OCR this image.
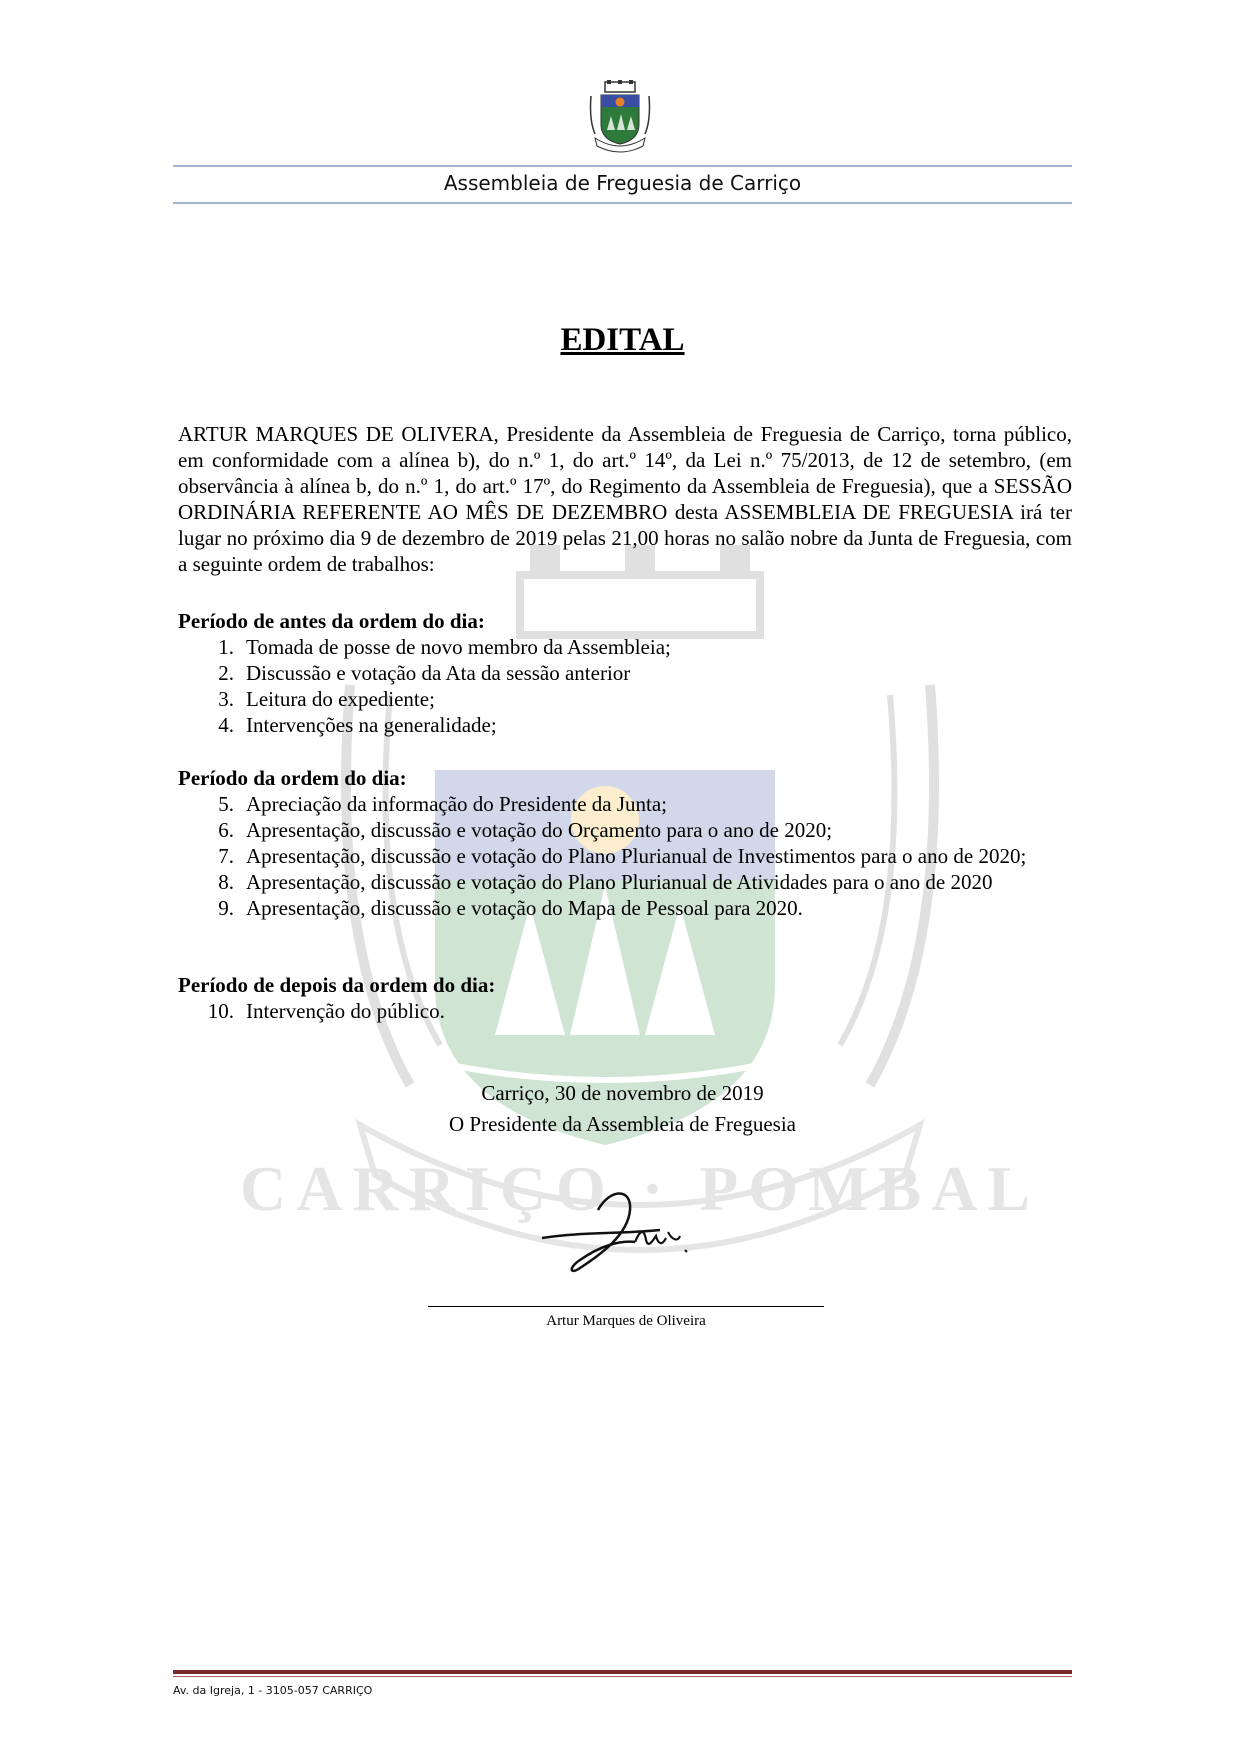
Assembleia de Freguesia de Carriço
CARRIÇO · POMBAL
EDITAL

ARTUR MARQUES DE OLIVERA, Presidente da Assembleia de Freguesia de Carriço, torna público, em conformidade com a alínea b), do n.º 1, do art.º 14º, da Lei n.º 75/2013, de 12 de setembro, (em observância à alínea b, do n.º 1, do art.º 17º, do Regimento da Assembleia de Freguesia), que a SESSÃO ORDINÁRIA REFERENTE AO MÊS DE DEZEMBRO desta ASSEMBLEIA DE FREGUESIA irá ter lugar no próximo dia 9 de dezembro de 2019 pelas 21,00 horas no salão nobre da Junta de Freguesia, com a seguinte ordem de trabalhos:

Período de antes da ordem do dia:
1. Tomada de posse de novo membro da Assembleia;
2. Discussão e votação da Ata da sessão anterior
3. Leitura do expediente;
4. Intervenções na generalidade;
Período da ordem do dia:
5. Apreciação da informação do Presidente da Junta;
6. Apresentação, discussão e votação do Orçamento para o ano de 2020;
7. Apresentação, discussão e votação do Plano Plurianual de Investimentos para o ano de 2020;
8. Apresentação, discussão e votação do Plano Plurianual de Atividades para o ano de 2020
9. Apresentação, discussão e votação do Mapa de Pessoal para 2020.
Período de depois da ordem do dia:
10. Intervenção do público.
Carriço, 30 de novembro de 2019
O Presidente da Assembleia de Freguesia
Artur Marques de Oliveira
Av. da Igreja, 1 - 3105-057 CARRIÇO
